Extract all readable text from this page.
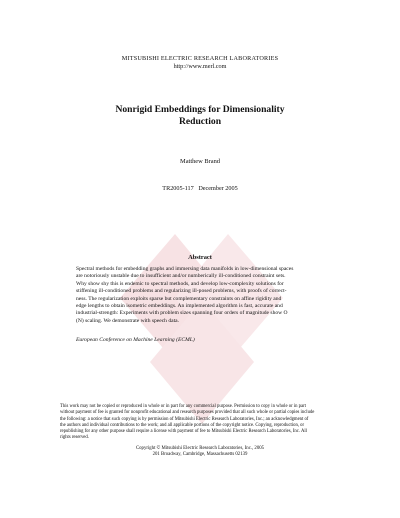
MITSUBISHI ELECTRIC RESEARCH LABORATORIES
http://www.merl.com
Nonrigid Embeddings for Dimensionality
Reduction
Matthew Brand
TR2005-117 December 2005
Abstract
Spectral methods for embedding graphs and immersing data manifolds in low-dimensional spaces
are notoriously unstable due to insufficient and/or numberically ill-conditioned constraint sets.
Why show shy this is endemic to spectral methods, and develop low-complexity solutions for
stiffening ill-conditioned problems and regularizing ill-posed problems, with proofs of correct-
ness. The regularization exploits sparse but complementary constraints on affine rigidity and
edge lengths to obtain isometric embeddings. An implemented algorithm is fast, accurate and
industrial-strength: Experiments with problem sizes spanning four orders of magnitude show O
(N) scaling. We demonstrate with speech data.
European Conference on Machine Learning (ECML)
This work may not be copied or reproduced in whole or in part for any commercial purpose. Permission to copy in whole or in part
without payment of fee is granted for nonprofit educational and research purposes provided that all such whole or partial copies include
the following: a notice that such copying is by permission of Mitsubishi Electric Research Laboratories, Inc.; an acknowledgment of
the authors and individual contributions to the work; and all applicable portions of the copyright notice. Copying, reproduction, or
republishing for any other purpose shall require a license with payment of fee to Mitsubishi Electric Research Laboratories, Inc. All
rights reserved.
Copyright © Mitsubishi Electric Research Laboratories, Inc., 2005
201 Broadway, Cambridge, Massachusetts 02139
